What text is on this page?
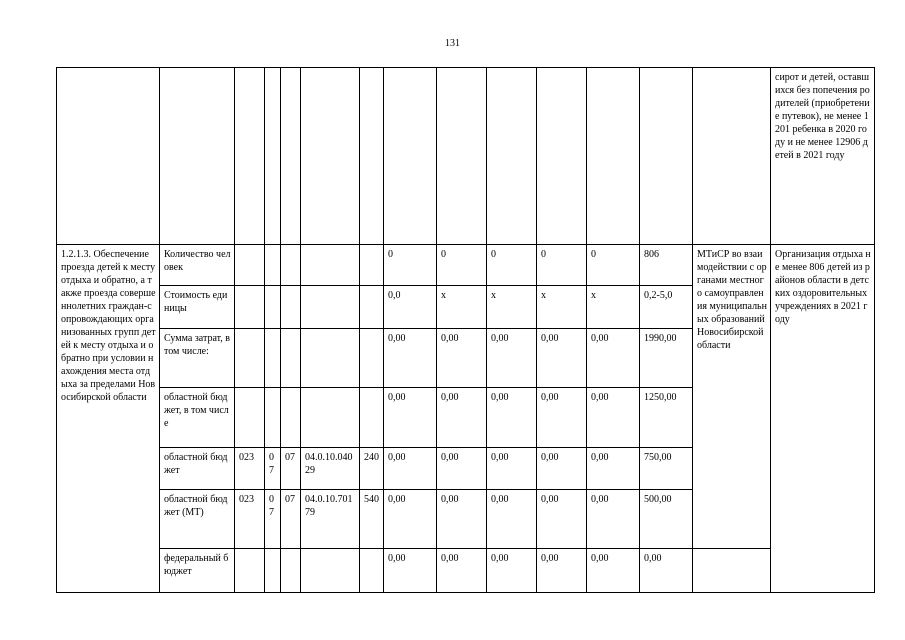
131
														сирот и детей, оставшихся без попечения родителей (приобретение путевок), не менее 1201 ребенка в 2020 году и не менее 12906 детей в 2021 году
1.2.1.3. Обеспечение проезда детей к месту отдыха и обратно, а также проезда совершеннолетних граждан-сопровождающих организованных групп детей к месту отдыха и обратно при условии нахождения места отдыха за пределами Новосибирской области	Количество человек						0	0	0	0	0	806	МТиСР во взаимодействии с органами местного самоуправления муниципальных образований Новосибирской области	Организация отдыха не менее 806 детей из районов области в детских оздоровительных учреждениях в 2021 году
	Стоимость единицы						0,0	х	х	х	х	0,2-5,0		
	Сумма затрат, в том числе:						0,00	0,00	0,00	0,00	0,00	1990,00		
	областной бюджет, в том числе						0,00	0,00	0,00	0,00	0,00	1250,00		
	областной бюджет	023	07	07	04.0.10.04029	240	0,00	0,00	0,00	0,00	0,00	750,00		
	областной бюджет (МТ)	023	07	07	04.0.10.70179	540	0,00	0,00	0,00	0,00	0,00	500,00		
	федеральный бюджет						0,00	0,00	0,00	0,00	0,00	0,00		
